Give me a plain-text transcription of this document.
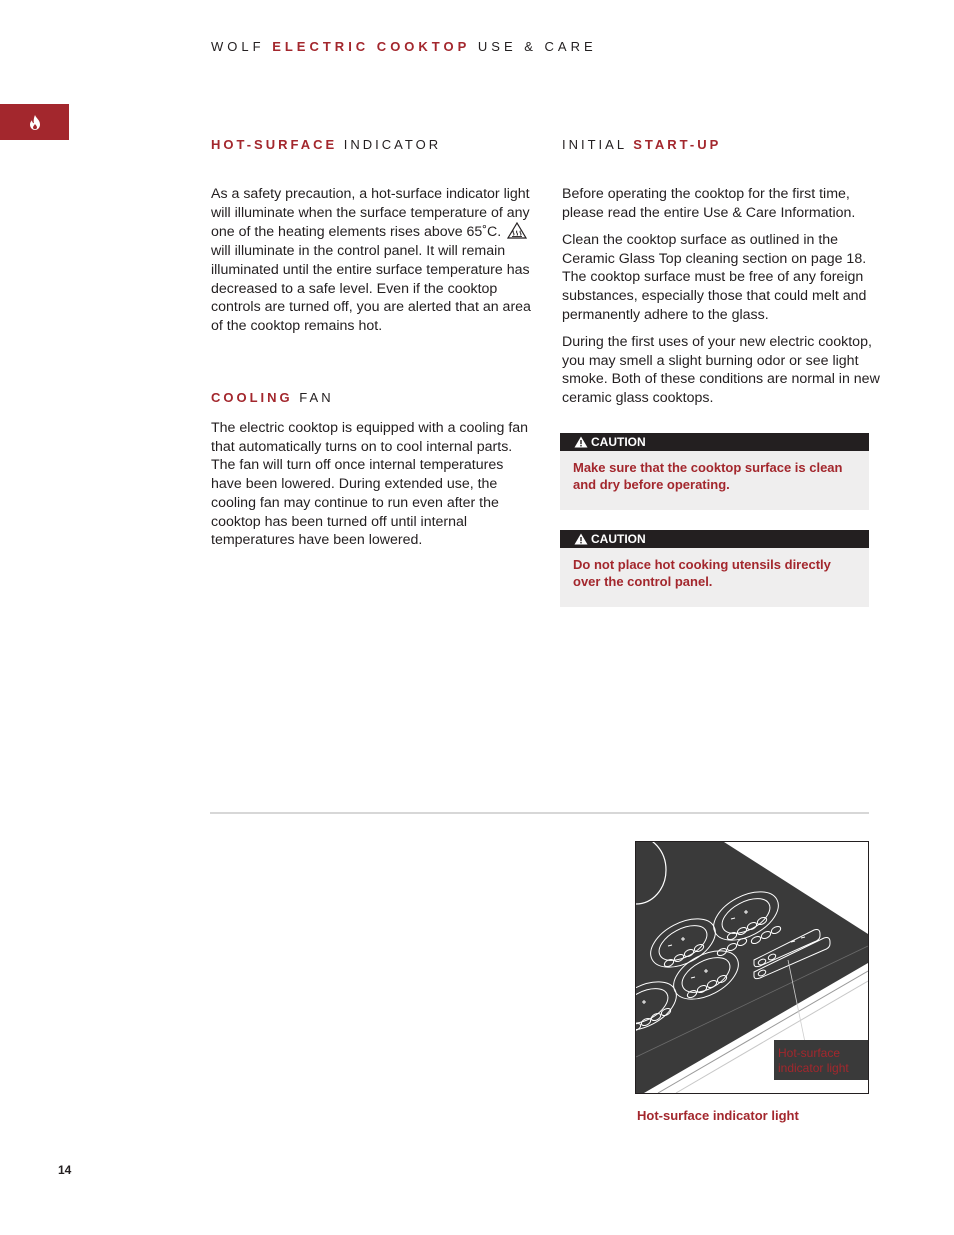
WOLF ELECTRIC COOKTOP USE & CARE
HOT-SURFACE INDICATOR

As a safety precaution, a hot-surface indicator light will illuminate when the surface temperature of any one of the heating elements rises above 65˚C.  will illuminate in the control panel. It will remain illuminated until the entire surface temperature has decreased to a safe level. Even if the cooktop controls are turned off, you are alerted that an area of the cooktop remains hot.

COOLING FAN

The electric cooktop is equipped with a cooling fan that automatically turns on to cool internal parts. The fan will turn off once internal temperatures have been lowered. During extended use, the cooling fan may continue to run even after the cooktop has been turned off until internal temperatures have been lowered.

INITIAL START-UP

Before operating the cooktop for the first time, please read the entire Use & Care Information.

Clean the cooktop surface as outlined in the Ceramic Glass Top cleaning section on page 18. The cooktop surface must be free of any foreign substances, especially those that could melt and permanently adhere to the glass.

During the first uses of your new electric cooktop, you may smell a slight burning odor or see light smoke. Both of these conditions are normal in new ceramic glass cooktops.

CAUTION
Make sure that the cooktop surface is clean and dry before operating.
CAUTION
Do not place hot cooking utensils directly over the control panel.
Hot-surface
indicator light
Hot-surface indicator light
14
